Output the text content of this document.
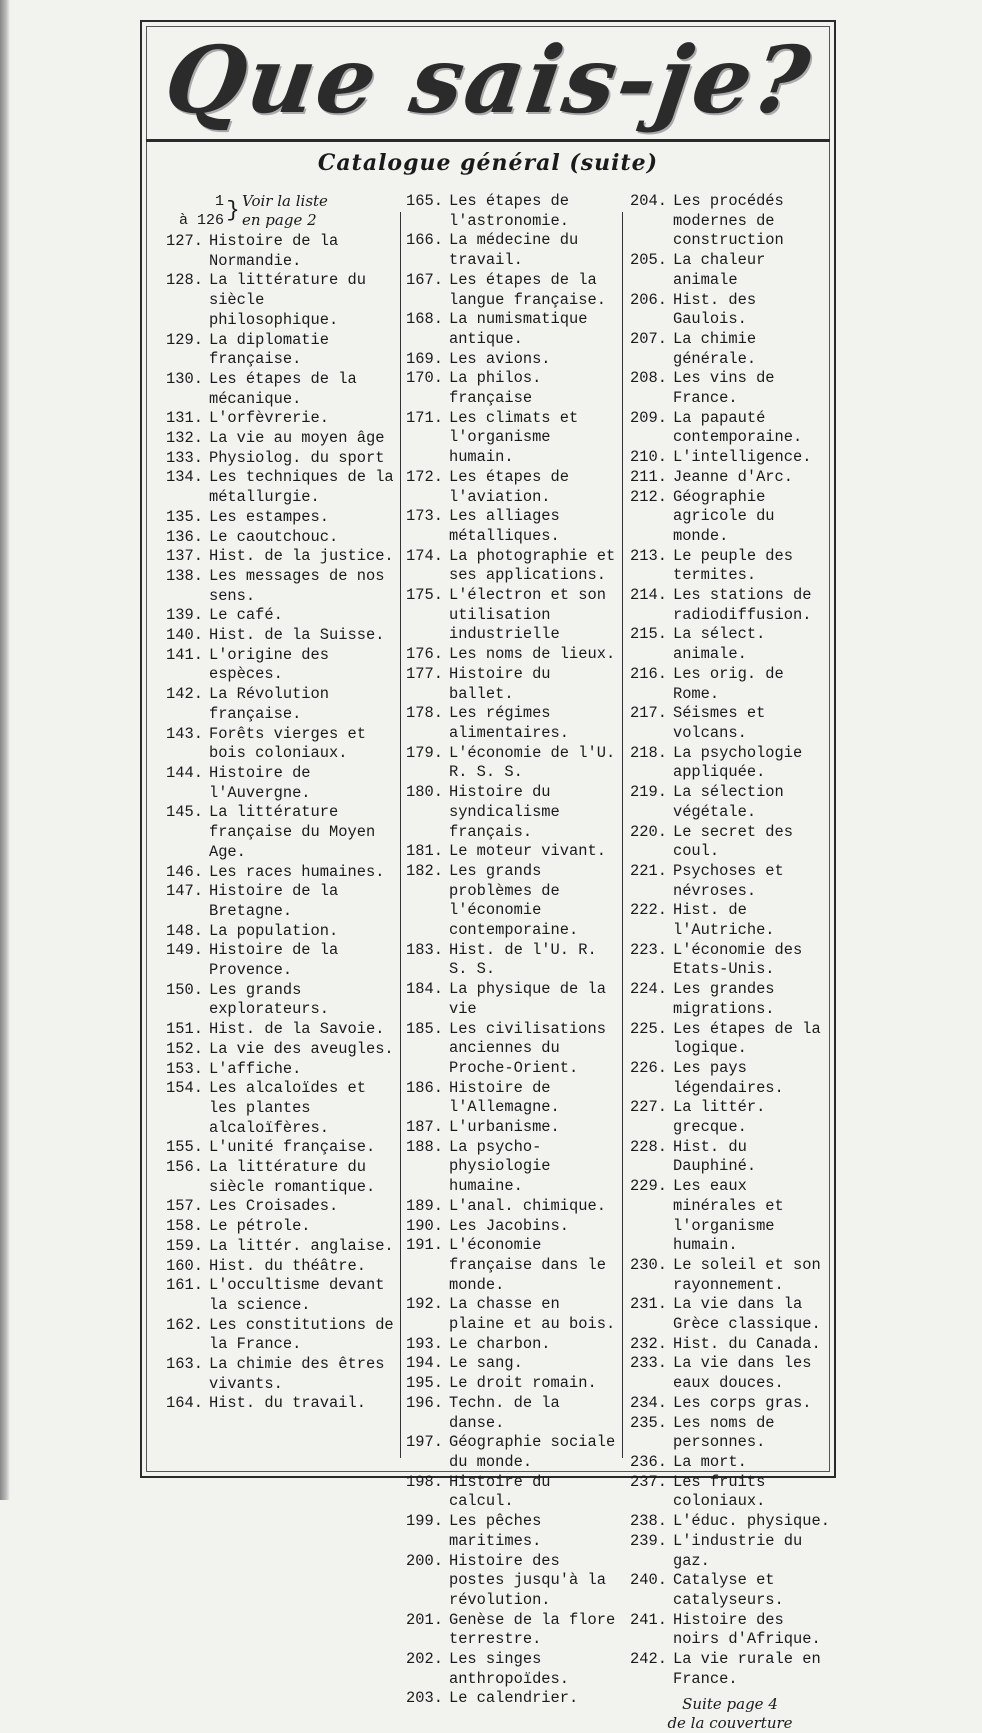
Que sais-je?
Catalogue général (suite)
1
à 126 } Voir la liste
en page 2
127. Histoire de la Normandie.
128. La littérature du siècle philosophique.
129. La diplomatie française.
130. Les étapes de la mécanique.
131. L'orfèvrerie.
132. La vie au moyen âge
133. Physiolog. du sport
134. Les techniques de la métallurgie.
135. Les estampes.
136. Le caoutchouc.
137. Hist. de la justice.
138. Les messages de nos sens.
139. Le café.
140. Hist. de la Suisse.
141. L'origine des espèces.
142. La Révolution française.
143. Forêts vierges et bois coloniaux.
144. Histoire de l'Auvergne.
145. La littérature française du Moyen Age.
146. Les races humaines.
147. Histoire de la Bretagne.
148. La population.
149. Histoire de la Provence.
150. Les grands explorateurs.
151. Hist. de la Savoie.
152. La vie des aveugles.
153. L'affiche.
154. Les alcaloïdes et les plantes alcaloïfères.
155. L'unité française.
156. La littérature du siècle romantique.
157. Les Croisades.
158. Le pétrole.
159. La littér. anglaise.
160. Hist. du théâtre.
161. L'occultisme devant la science.
162. Les constitutions de la France.
163. La chimie des êtres vivants.
164. Hist. du travail.
165. Les étapes de l'astronomie.
166. La médecine du travail.
167. Les étapes de la langue française.
168. La numismatique antique.
169. Les avions.
170. La philos. française
171. Les climats et l'organisme humain.
172. Les étapes de l'aviation.
173. Les alliages métalliques.
174. La photographie et ses applications.
175. L'électron et son utilisation industrielle
176. Les noms de lieux.
177. Histoire du ballet.
178. Les régimes alimentaires.
179. L'économie de l'U. R. S. S.
180. Histoire du syndicalisme français.
181. Le moteur vivant.
182. Les grands problèmes de l'économie contemporaine.
183. Hist. de l'U. R. S. S.
184. La physique de la vie
185. Les civilisations anciennes du Proche-Orient.
186. Histoire de l'Allemagne.
187. L'urbanisme.
188. La psycho-physiologie humaine.
189. L'anal. chimique.
190. Les Jacobins.
191. L'économie française dans le monde.
192. La chasse en plaine et au bois.
193. Le charbon.
194. Le sang.
195. Le droit romain.
196. Techn. de la danse.
197. Géographie sociale du monde.
198. Histoire du calcul.
199. Les pêches maritimes.
200. Histoire des postes jusqu'à la révolution.
201. Genèse de la flore terrestre.
202. Les singes anthropoïdes.
203. Le calendrier.
204. Les procédés modernes de construction
205. La chaleur animale
206. Hist. des Gaulois.
207. La chimie générale.
208. Les vins de France.
209. La papauté contemporaine.
210. L'intelligence.
211. Jeanne d'Arc.
212. Géographie agricole du monde.
213. Le peuple des termites.
214. Les stations de radiodiffusion.
215. La sélect. animale.
216. Les orig. de Rome.
217. Séismes et volcans.
218. La psychologie appliquée.
219. La sélection végétale.
220. Le secret des coul.
221. Psychoses et névroses.
222. Hist. de l'Autriche.
223. L'économie des Etats-Unis.
224. Les grandes migrations.
225. Les étapes de la logique.
226. Les pays légendaires.
227. La littér. grecque.
228. Hist. du Dauphiné.
229. Les eaux minérales et l'organisme humain.
230. Le soleil et son rayonnement.
231. La vie dans la Grèce classique.
232. Hist. du Canada.
233. La vie dans les eaux douces.
234. Les corps gras.
235. Les noms de personnes.
236. La mort.
237. Les fruits coloniaux.
238. L'éduc. physique.
239. L'industrie du gaz.
240. Catalyse et catalyseurs.
241. Histoire des noirs d'Afrique.
242. La vie rurale en France.
Suite page 4
de la couverture
